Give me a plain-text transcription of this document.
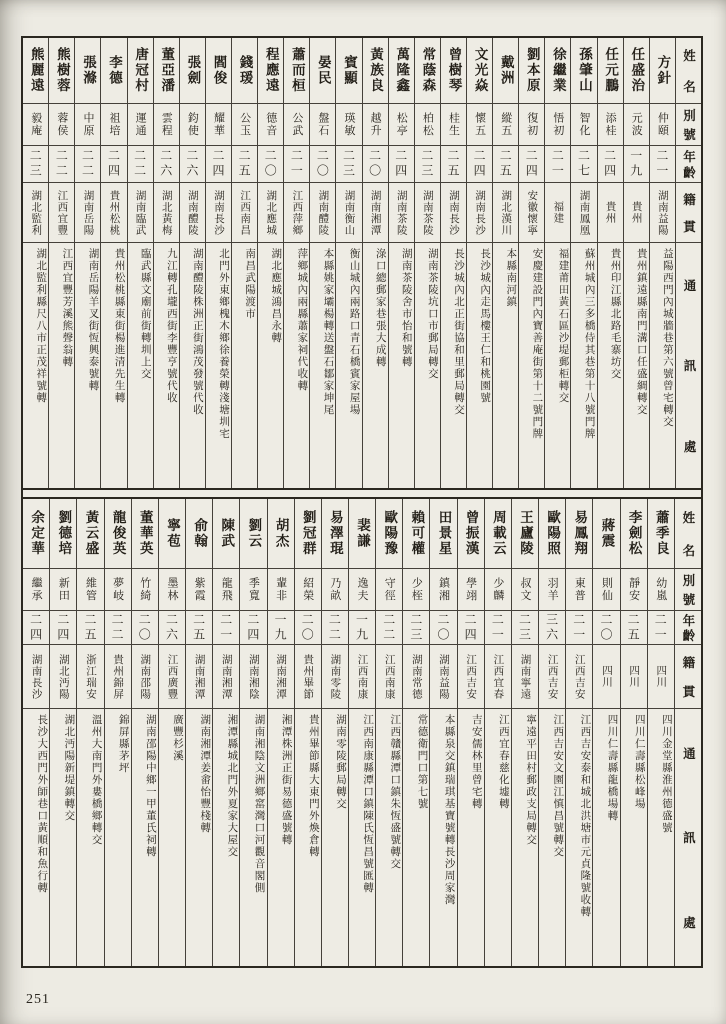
姓
名
別
號
年
齡
籍
貫
通
訊
處
方針
仲頤
二一
湖南益陽
益陽西門內城牆巷第六號曾宅轉交
任盛治
元波
一九
貴州
貴州鎮遠縣南門溝口任盛綢轉交
任元鵬
添桂
二四
貴州
貴州印江縣北路毛寨坊交
孫肇山
智化
二七
湖南鳳凰
蘇州城內三多橋侍其巷第十八號門牌
徐繼業
悟初
二一
福建
福建莆田黃石區沙堤郵柜轉交
劉本原
復初
二四
安徽懷寧
安慶建設門內寶善庵街第十二號門牌
戴洲
縱五
二五
湖北漢川
本縣南河鎮
文光焱
懷五
二四
湖南長沙
長沙城內走馬樓王仁和桃園號
曾樹琴
桂生
二五
湖南長沙
長沙城內北正街協和里郵局轉交
常蔭森
柏松
二三
湖南茶陵
湖南茶陵坑口市郵局轉交
萬隆鑫
松亭
二四
湖南茶陵
湖南茶陵舍市怡和號轉
黃族良
越升
二〇
湖南湘潭
淥口總郵家巷張大成轉
賓顯
瑛敏
二三
湖南衡山
衡山城內兩路口青石橋賓家屋場
晏民
盤石
二〇
湖南醴陵
本縣姚家壩楊轉送盤石鄒家坤尾
蕭而桓
公武
二一
江西萍鄉
萍鄉城內兩縣蕭家祠代收轉
程應遠
德音
二〇
湖北應城
湖北應城鴻昌永轉
錢瑗
公玉
二五
江西南昌
南昌武陽渡市
閻俊
耀華
二四
湖南長沙
北門外東鄉槐木鄉徐養榮轉淺塘圳宅
張劍
鈞使
二六
湖南醴陵
湖南醴陵株洲正街鴻茂發號代收
董亞潘
雲程
二六
湖北黃梅
九江轉孔壠西街李豐亨號代收
唐冠村
運通
二二
湖南臨武
臨武縣文廟前街轉圳上交
李德
祖培
二四
貴州松桃
貴州松桃縣東街楊進清先生轉
張滌
中原
二二
湖南岳陽
湖南岳陽羊叉街恆興泰號轉
熊樹蓉
蓉侯
二二
江西宜豐
江西宜豐芳溪熊聲翁轉
熊麗遠
毅庵
二三
湖北監利
湖北監利縣尺八市正茂祥號轉
姓
名
別
號
年
齡
籍
貫
通
訊
處
蕭季良
幼嵐
二一
四川
四川金堂縣淮州德盛號
李劍松
靜安
二五
四川
四川仁壽縣松峰場
蔣震
則仙
二〇
四川
四川仁壽縣龍橋場轉
易鳳翔
東普
二一
江西吉安
江西吉安泰和城北洪塘市元貞隆號收轉
歐陽照
羽羊
三六
江西吉安
江西吉安文園江慎昌號轉交
王廬陵
叔文
二三
湖南寧遠
寧遠平田村郵政支局轉交
周載云
少麟
二一
江西宜春
江西宜春慈化墟轉
曾振漢
學翊
二四
江西吉安
吉安儒林里曾宅轉
田景星
鎮湘
二〇
湖南益陽
本縣泉交鎮瑞琪基寶號轉長沙周家灣
賴可權
少桎
二三
湖南常德
常德衛門口第七號
歐陽豫
守徑
二二
江西南康
江西贛縣潭口鎮朱恆盛號轉交
裴謙
逸夫
一九
江西南康
江西南康縣潭口鎮陳氏恆昌號匯轉
易澤琨
乃畝
二二
湖南零陵
湖南零陵郵局轉交
劉冠群
紹榮
二〇
貴州畢節
貴州畢節縣大東門外煥倉轉
胡杰
輩非
一九
湖南湘潭
湘潭株洲正街易德盛號轉
劉云
季寬
二四
湖南湘陰
湖南湘陰文洲鄉窰灣口河觀音閣側
陳武
龍飛
二一
湖南湘潭
湘潭縣城北門外夏家大屋交
俞翰
紫霞
二五
湖南湘潭
湖南湘潭姜畬怡豐棧轉
寧苞
墨林
二六
江西廣豐
廣豐杉溪
董華英
竹綺
二〇
湖南邵陽
湖南邵陽中鄉一甲董氏祠轉
龍俊英
夢岐
二二
貴州錦屏
錦屏縣茅坪
黃云盛
維管
二五
浙江瑞安
溫州大南門外婁橋鄉轉交
劉德培
新田
二四
湖北沔陽
湖北沔陽新堤鎮轉交
余定華
繼承
二四
湖南長沙
長沙大西門外師巷口黃順和魚行轉
251
